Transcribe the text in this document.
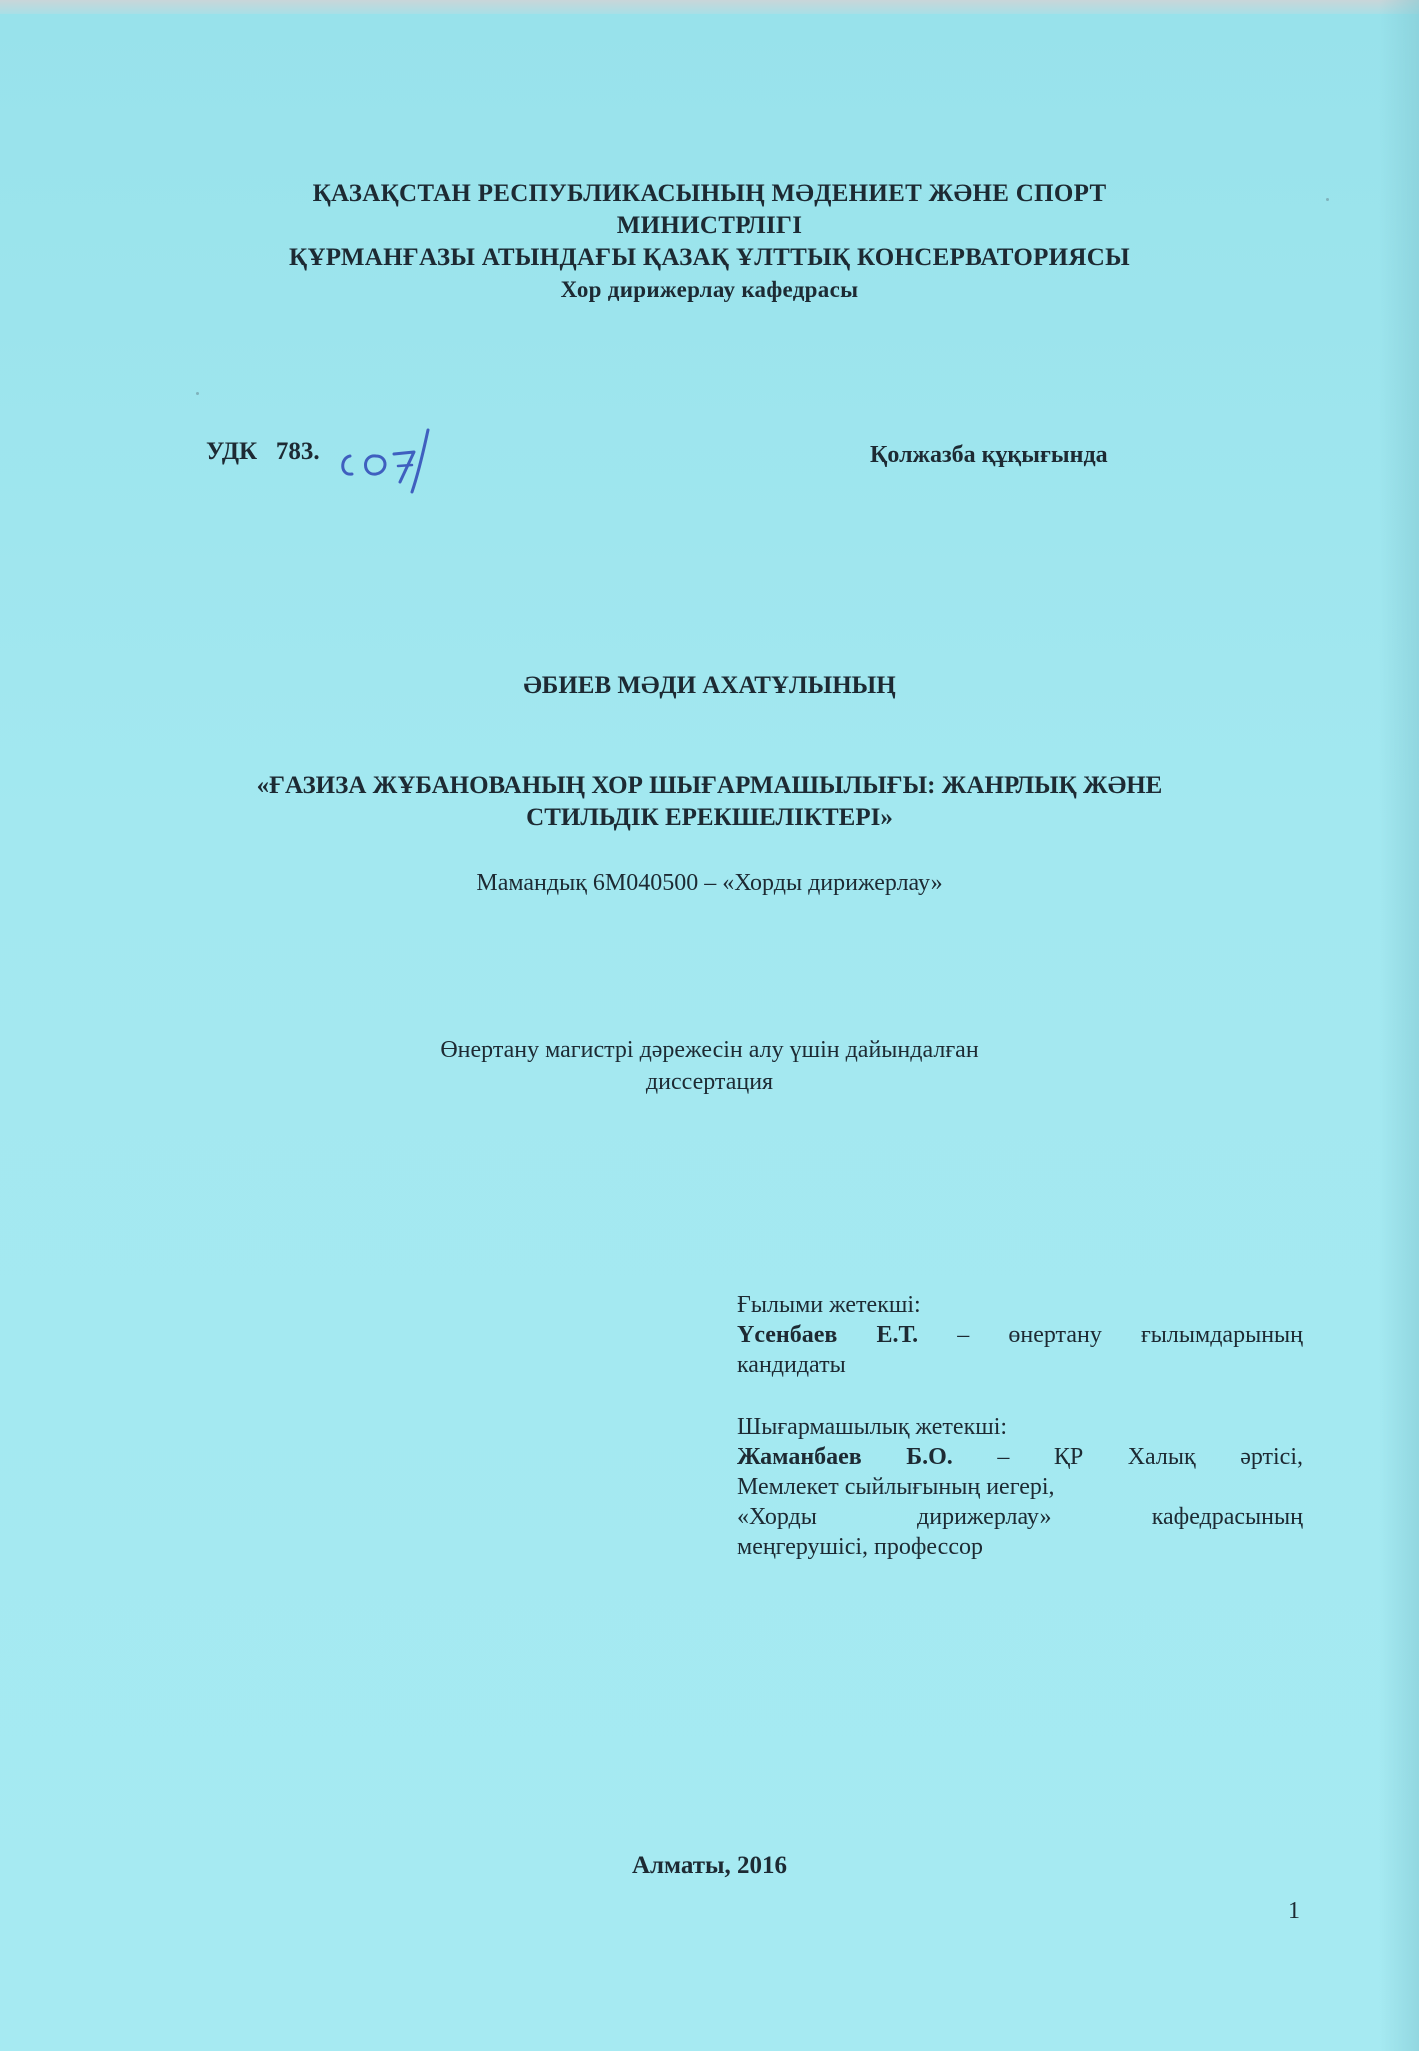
ҚАЗАҚСТАН РЕСПУБЛИКАСЫНЫҢ МӘДЕНИЕТ ЖӘНЕ СПОРТ
МИНИСТРЛІГІ
ҚҰРМАНҒАЗЫ АТЫНДАҒЫ ҚАЗАҚ ҰЛТТЫҚ КОНСЕРВАТОРИЯСЫ
Хор дирижерлау кафедрасы
УДК 783.	Қолжазба құқығында
ӘБИЕВ МӘДИ АХАТҰЛЫНЫҢ
«ҒАЗИЗА ЖҰБАНОВАНЫҢ ХОР ШЫҒАРМАШЫЛЫҒЫ: ЖАНРЛЫҚ ЖӘНЕ
СТИЛЬДІК ЕРЕКШЕЛІКТЕРІ»
Мамандық 6М040500 – «Хорды дирижерлау»
Өнертану магистрі дәрежесін алу үшін дайындалған
диссертация
Ғылыми жетекші:
Үсенбаев Е.Т. – өнертану ғылымдарының
кандидаты
Шығармашылық жетекші:
Жаманбаев Б.О. – ҚР Халық әртісі,
Мемлекет сыйлығының иегері,
«Хорды дирижерлау» кафедрасының
меңгерушісі, профессор
Алматы, 2016
1
